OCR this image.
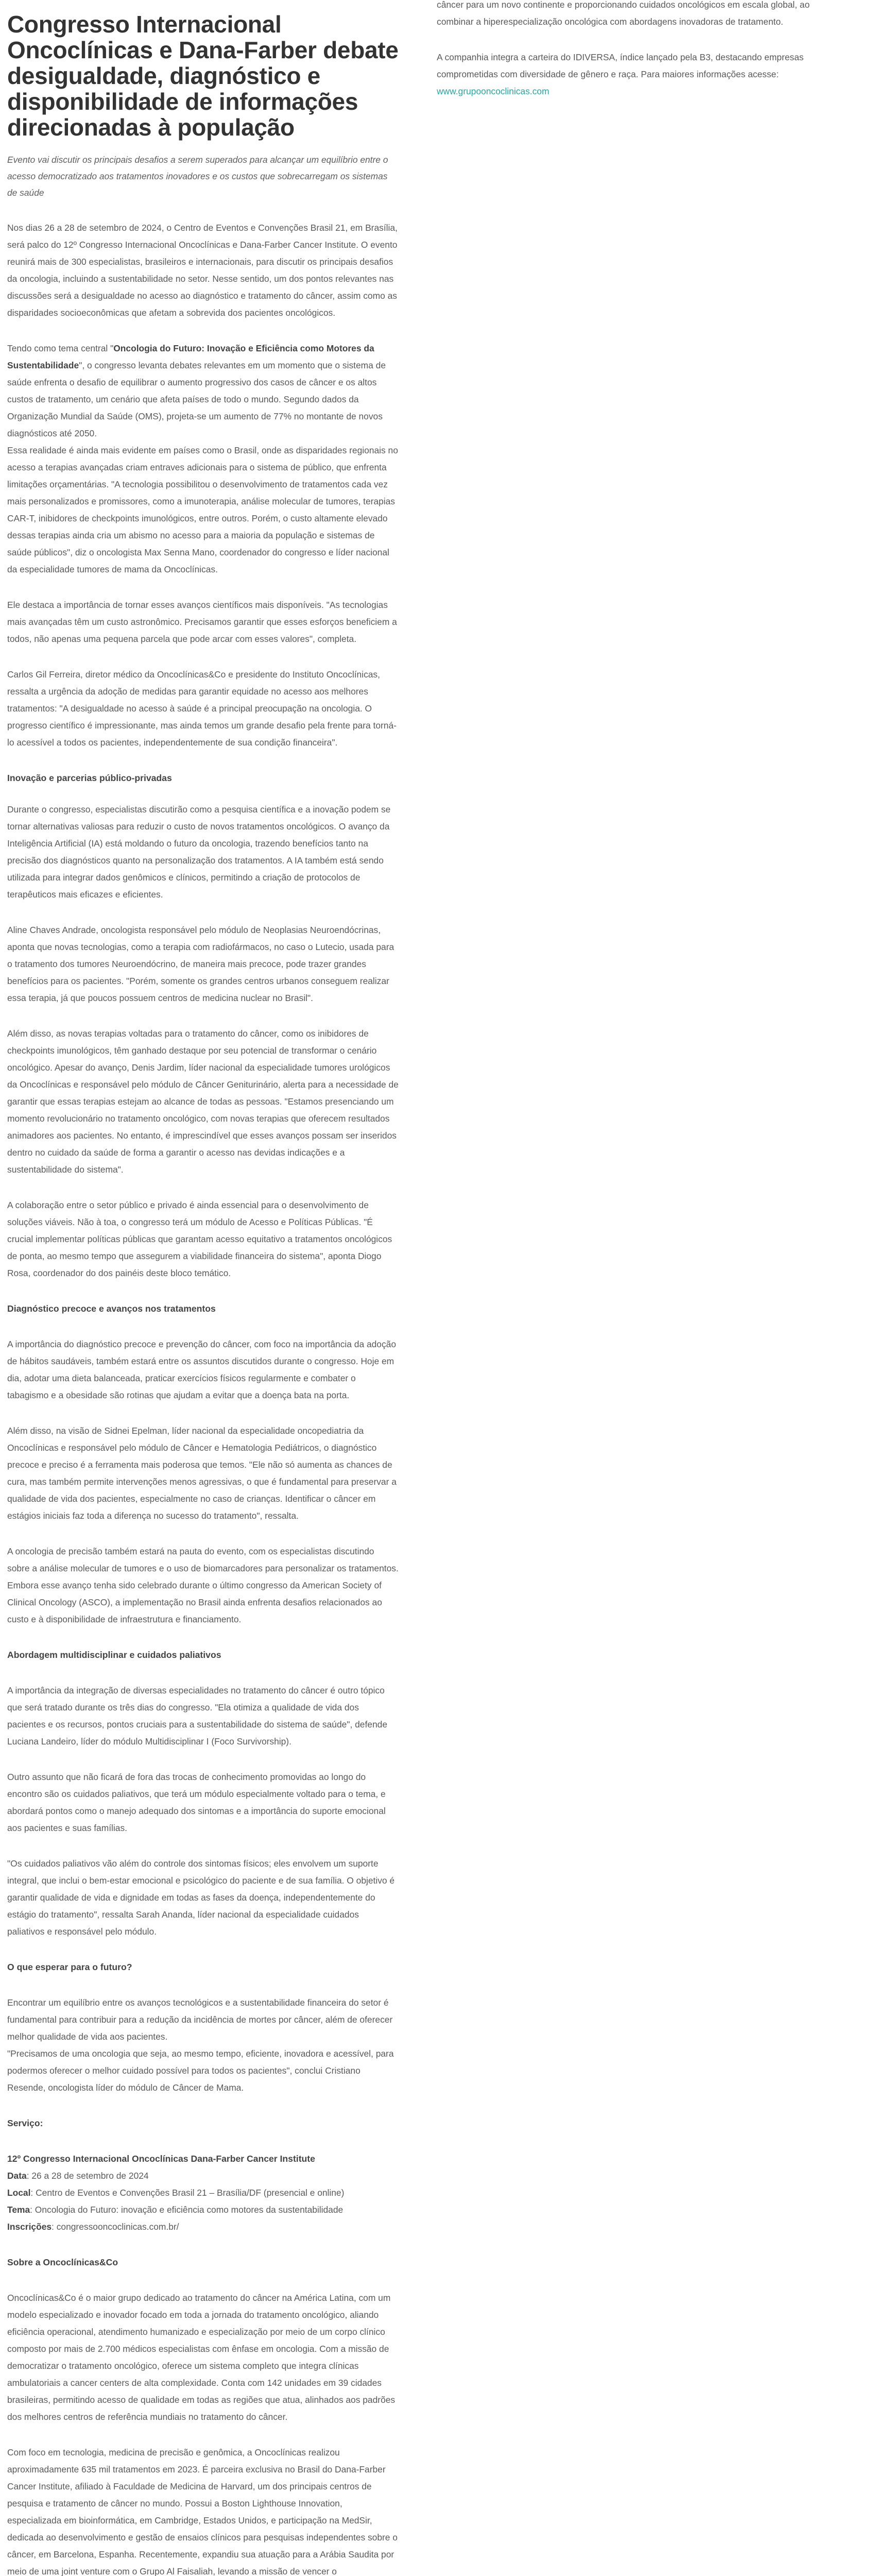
Congresso Internacional Oncoclínicas e Dana-Farber debate desigualdade, diagnóstico e disponibilidade de informações direcionadas à população

Evento vai discutir os principais desafios a serem superados para alcançar um equilíbrio entre o acesso democratizado aos tratamentos inovadores e os custos que sobrecarregam os sistemas de saúde

Nos dias 26 a 28 de setembro de 2024, o Centro de Eventos e Convenções Brasil 21, em Brasília, será palco do 12º Congresso Internacional Oncoclínicas e Dana-Farber Cancer Institute. O evento reunirá mais de 300 especialistas, brasileiros e internacionais, para discutir os principais desafios da oncologia, incluindo a sustentabilidade no setor. Nesse sentido, um dos pontos relevantes nas discussões será a desigualdade no acesso ao diagnóstico e tratamento do câncer, assim como as disparidades socioeconômicas que afetam a sobrevida dos pacientes oncológicos.

Tendo como tema central "Oncologia do Futuro: Inovação e Eficiência como Motores da Sustentabilidade", o congresso levanta debates relevantes em um momento que o sistema de saúde enfrenta o desafio de equilibrar o aumento progressivo dos casos de câncer e os altos custos de tratamento, um cenário que afeta países de todo o mundo. Segundo dados da Organização Mundial da Saúde (OMS), projeta-se um aumento de 77% no montante de novos diagnósticos até 2050.

Essa realidade é ainda mais evidente em países como o Brasil, onde as disparidades regionais no acesso a terapias avançadas criam entraves adicionais para o sistema de público, que enfrenta limitações orçamentárias. "A tecnologia possibilitou o desenvolvimento de tratamentos cada vez mais personalizados e promissores, como a imunoterapia, análise molecular de tumores, terapias CAR-T, inibidores de checkpoints imunológicos, entre outros. Porém, o custo altamente elevado dessas terapias ainda cria um abismo no acesso para a maioria da população e sistemas de saúde públicos", diz o oncologista Max Senna Mano, coordenador do congresso e líder nacional da especialidade tumores de mama da Oncoclínicas.

Ele destaca a importância de tornar esses avanços científicos mais disponíveis. "As tecnologias mais avançadas têm um custo astronômico. Precisamos garantir que esses esforços beneficiem a todos, não apenas uma pequena parcela que pode arcar com esses valores", completa.

Carlos Gil Ferreira, diretor médico da Oncoclínicas&Co e presidente do Instituto Oncoclínicas, ressalta a urgência da adoção de medidas para garantir equidade no acesso aos melhores tratamentos: "A desigualdade no acesso à saúde é a principal preocupação na oncologia. O progresso científico é impressionante, mas ainda temos um grande desafio pela frente para torná-lo acessível a todos os pacientes, independentemente de sua condição financeira".

Inovação e parcerias público-privadas

Durante o congresso, especialistas discutirão como a pesquisa científica e a inovação podem se tornar alternativas valiosas para reduzir o custo de novos tratamentos oncológicos. O avanço da Inteligência Artificial (IA) está moldando o futuro da oncologia, trazendo benefícios tanto na precisão dos diagnósticos quanto na personalização dos tratamentos. A IA também está sendo utilizada para integrar dados genômicos e clínicos, permitindo a criação de protocolos de terapêuticos mais eficazes e eficientes.

Aline Chaves Andrade, oncologista responsável pelo módulo de Neoplasias Neuroendócrinas, aponta que novas tecnologias, como a terapia com radiofármacos, no caso o Lutecio, usada para o tratamento dos tumores Neuroendócrino, de maneira mais precoce, pode trazer grandes benefícios para os pacientes. "Porém, somente os grandes centros urbanos conseguem realizar essa terapia, já que poucos possuem centros de medicina nuclear no Brasil".

Além disso, as novas terapias voltadas para o tratamento do câncer, como os inibidores de checkpoints imunológicos, têm ganhado destaque por seu potencial de transformar o cenário oncológico. Apesar do avanço, Denis Jardim, líder nacional da especialidade tumores urológicos da Oncoclínicas e responsável pelo módulo de Câncer Geniturinário, alerta para a necessidade de garantir que essas terapias estejam ao alcance de todas as pessoas. "Estamos presenciando um momento revolucionário no tratamento oncológico, com novas terapias que oferecem resultados animadores aos pacientes. No entanto, é imprescindível que esses avanços possam ser inseridos dentro no cuidado da saúde de forma a garantir o acesso nas devidas indicações e a sustentabilidade do sistema".

A colaboração entre o setor público e privado é ainda essencial para o desenvolvimento de soluções viáveis. Não à toa, o congresso terá um módulo de Acesso e Políticas Públicas. "É crucial implementar políticas públicas que garantam acesso equitativo a tratamentos oncológicos de ponta, ao mesmo tempo que assegurem a viabilidade financeira do sistema", aponta Diogo Rosa, coordenador do dos painéis deste bloco temático.

Diagnóstico precoce e avanços nos tratamentos

A importância do diagnóstico precoce e prevenção do câncer, com foco na importância da adoção de hábitos saudáveis, também estará entre os assuntos discutidos durante o congresso. Hoje em dia, adotar uma dieta balanceada, praticar exercícios físicos regularmente e combater o tabagismo e a obesidade são rotinas que ajudam a evitar que a doença bata na porta.

Além disso, na visão de Sidnei Epelman, líder nacional da especialidade oncopediatria da Oncoclínicas e responsável pelo módulo de Câncer e Hematologia Pediátricos, o diagnóstico precoce e preciso é a ferramenta mais poderosa que temos. "Ele não só aumenta as chances de cura, mas também permite intervenções menos agressivas, o que é fundamental para preservar a qualidade de vida dos pacientes, especialmente no caso de crianças. Identificar o câncer em estágios iniciais faz toda a diferença no sucesso do tratamento", ressalta.

A oncologia de precisão também estará na pauta do evento, com os especialistas discutindo sobre a análise molecular de tumores e o uso de biomarcadores para personalizar os tratamentos. Embora esse avanço tenha sido celebrado durante o último congresso da American Society of Clinical Oncology (ASCO), a implementação no Brasil ainda enfrenta desafios relacionados ao custo e à disponibilidade de infraestrutura e financiamento.

Abordagem multidisciplinar e cuidados paliativos

A importância da integração de diversas especialidades no tratamento do câncer é outro tópico que será tratado durante os três dias do congresso. "Ela otimiza a qualidade de vida dos pacientes e os recursos, pontos cruciais para a sustentabilidade do sistema de saúde", defende Luciana Landeiro, líder do módulo Multidisciplinar I (Foco Survivorship).

Outro assunto que não ficará de fora das trocas de conhecimento promovidas ao longo do encontro são os cuidados paliativos, que terá um módulo especialmente voltado para o tema, e abordará pontos como o manejo adequado dos sintomas e a importância do suporte emocional aos pacientes e suas famílias.

"Os cuidados paliativos vão além do controle dos sintomas físicos; eles envolvem um suporte integral, que inclui o bem-estar emocional e psicológico do paciente e de sua família. O objetivo é garantir qualidade de vida e dignidade em todas as fases da doença, independentemente do estágio do tratamento", ressalta Sarah Ananda, líder nacional da especialidade cuidados paliativos e responsável pelo módulo.

O que esperar para o futuro?

Encontrar um equilíbrio entre os avanços tecnológicos e a sustentabilidade financeira do setor é fundamental para contribuir para a redução da incidência de mortes por câncer, além de oferecer melhor qualidade de vida aos pacientes.

"Precisamos de uma oncologia que seja, ao mesmo tempo, eficiente, inovadora e acessível, para podermos oferecer o melhor cuidado possível para todos os pacientes", conclui Cristiano Resende, oncologista líder do módulo de Câncer de Mama.

Serviço:

12º Congresso Internacional Oncoclínicas Dana-Farber Cancer Institute

Data: 26 a 28 de setembro de 2024

Local: Centro de Eventos e Convenções Brasil 21 – Brasília/DF (presencial e online)

Tema: Oncologia do Futuro: inovação e eficiência como motores da sustentabilidade

Inscrições: congressooncoclinicas.com.br/

Sobre a Oncoclínicas&Co

Oncoclínicas&Co é o maior grupo dedicado ao tratamento do câncer na América Latina, com um modelo especializado e inovador focado em toda a jornada do tratamento oncológico, aliando eficiência operacional, atendimento humanizado e especialização por meio de um corpo clínico composto por mais de 2.700 médicos especialistas com ênfase em oncologia. Com a missão de democratizar o tratamento oncológico, oferece um sistema completo que integra clínicas ambulatoriais a cancer centers de alta complexidade. Conta com 142 unidades em 39 cidades brasileiras, permitindo acesso de qualidade em todas as regiões que atua, alinhados aos padrões dos melhores centros de referência mundiais no tratamento do câncer.

Com foco em tecnologia, medicina de precisão e genômica, a Oncoclínicas realizou aproximadamente 635 mil tratamentos em 2023. É parceira exclusiva no Brasil do Dana-Farber Cancer Institute, afiliado à Faculdade de Medicina de Harvard, um dos principais centros de pesquisa e tratamento de câncer no mundo. Possui a Boston Lighthouse Innovation, especializada em bioinformática, em Cambridge, Estados Unidos, e participação na MedSir, dedicada ao desenvolvimento e gestão de ensaios clínicos para pesquisas independentes sobre o câncer, em Barcelona, Espanha. Recentemente, expandiu sua atuação para a Arábia Saudita por meio de uma joint venture com o Grupo Al Faisaliah, levando a missão de vencer o

câncer para um novo continente e proporcionando cuidados oncológicos em escala global, ao combinar a hiperespecialização oncológica com abordagens inovadoras de tratamento.

A companhia integra a carteira do IDIVERSA, índice lançado pela B3, destacando empresas comprometidas com diversidade de gênero e raça. Para maiores informações acesse: www.grupooncoclinicas.com
